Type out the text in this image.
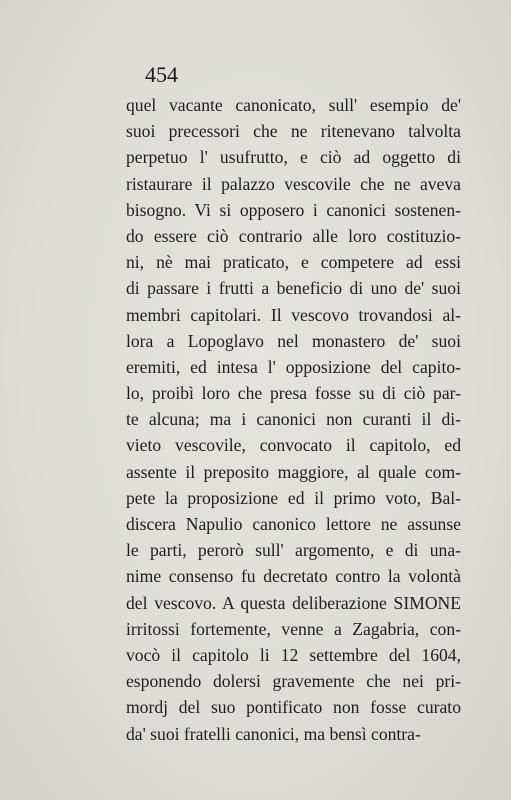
454
quel vacante canonicato, sull' esempio de'
suoi precessori che ne ritenevano talvolta
perpetuo l' usufrutto, e ciò ad oggetto di
ristaurare il palazzo vescovile che ne aveva
bisogno. Vi si opposero i canonici sostenen-
do essere ciò contrario alle loro costituzio-
ni, nè mai praticato, e competere ad essi
di passare i frutti a beneficio di uno de' suoi
membri capitolari. Il vescovo trovandosi al-
lora a Lopoglavo nel monastero de' suoi
eremiti, ed intesa l' opposizione del capito-
lo, proibì loro che presa fosse su di ciò par-
te alcuna; ma i canonici non curanti il di-
vieto vescovile, convocato il capitolo, ed
assente il preposito maggiore, al quale com-
pete la proposizione ed il primo voto, Bal-
discera Napulio canonico lettore ne assunse
le parti, perorò sull' argomento, e di una-
nime consenso fu decretato contro la volontà
del vescovo. A questa deliberazione SIMONE
irritossi fortemente, venne a Zagabria, con-
vocò il capitolo li 12 settembre del 1604,
esponendo dolersi gravemente che nei pri-
mordj del suo pontificato non fosse curato
da' suoi fratelli canonici, ma bensì contra-
